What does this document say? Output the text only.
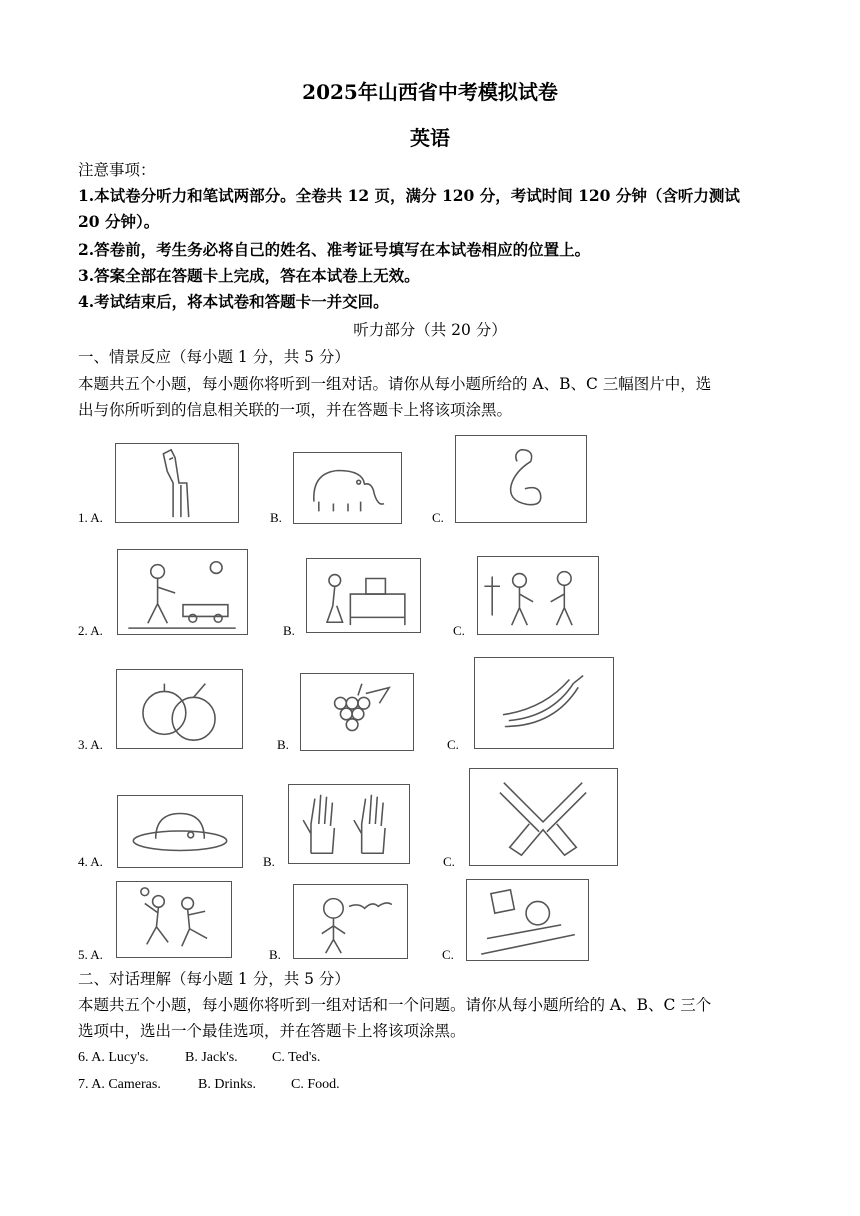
2025年山西省中考模拟试卷
英语
注意事项：
1.本试卷分听力和笔试两部分。全卷共 12 页，满分 120 分，考试时间 120 分钟（含听力测试
20 分钟）。
2.答卷前，考生务必将自己的姓名、准考证号填写在本试卷相应的位置上。
3.答案全部在答题卡上完成，答在本试卷上无效。
4.考试结束后，将本试卷和答题卡一并交回。
听力部分（共 20 分）
一、情景反应（每小题 1 分，共 5 分）
本题共五个小题，每小题你将听到一组对话。请你从每小题所给的 A、B、C 三幅图片中，选
出与你所听到的信息相关联的一项，并在答题卡上将该项涂黑。
1. A.	B.	C.
2. A.	B.	C.
3. A.	B.	C.
4. A.	B.	C.
5. A.	B.	C.
二、对话理解（每小题 1 分，共 5 分）
本题共五个小题，每小题你将听到一组对话和一个问题。请你从每小题所给的 A、B、C 三个
选项中，选出一个最佳选项，并在答题卡上将该项涂黑。
6. A. Lucy's.	B. Jack's. C. Ted's.
7. A. Cameras.	B. Drinks.	C. Food.
